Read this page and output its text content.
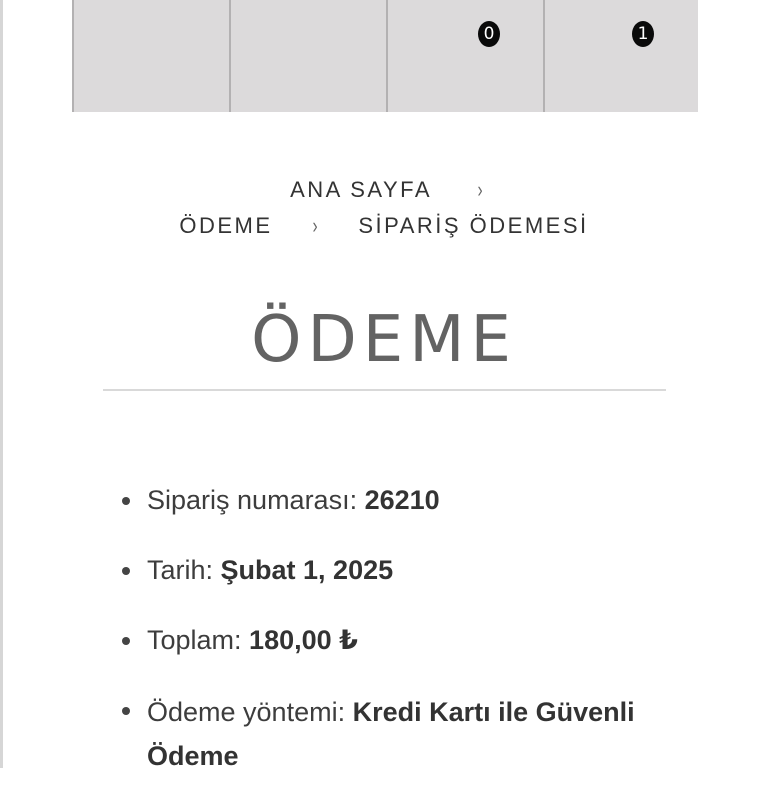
0	1
ANA SAYFA ›
ÖDEME › SİPARİŞ ÖDEMESİ
ÖDEME
Sipariş numarası: 26210
Tarih: Şubat 1, 2025
Toplam: 180,00 ₺
Ödeme yöntemi: Kredi Kartı ile Güvenli
Ödeme
